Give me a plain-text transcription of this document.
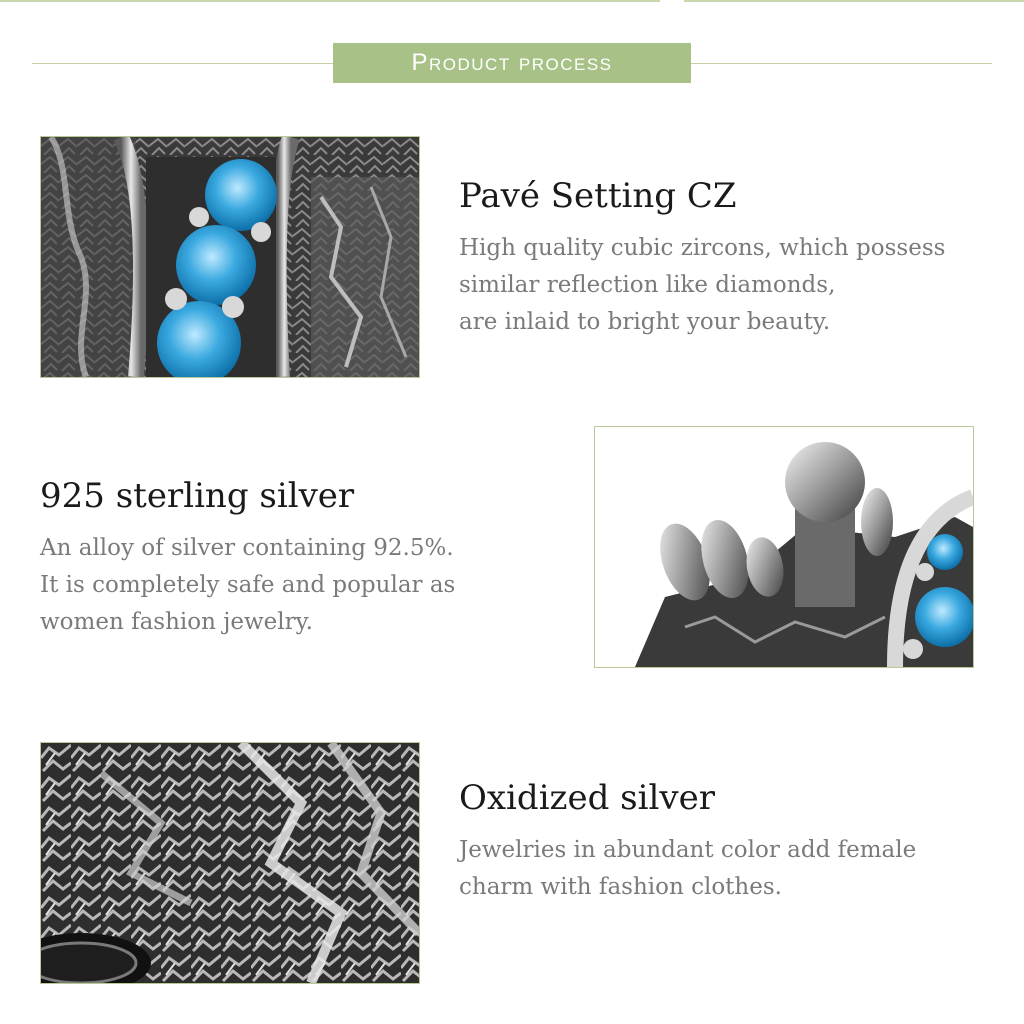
Product process
Pavé Setting CZ
High quality cubic zircons, which possess
similar reflection like diamonds,
are inlaid to bright your beauty.
925 sterling silver
An alloy of silver containing 92.5%.
It is completely safe and popular as
women fashion jewelry.
Oxidized silver
Jewelries in abundant color add female
charm with fashion clothes.
